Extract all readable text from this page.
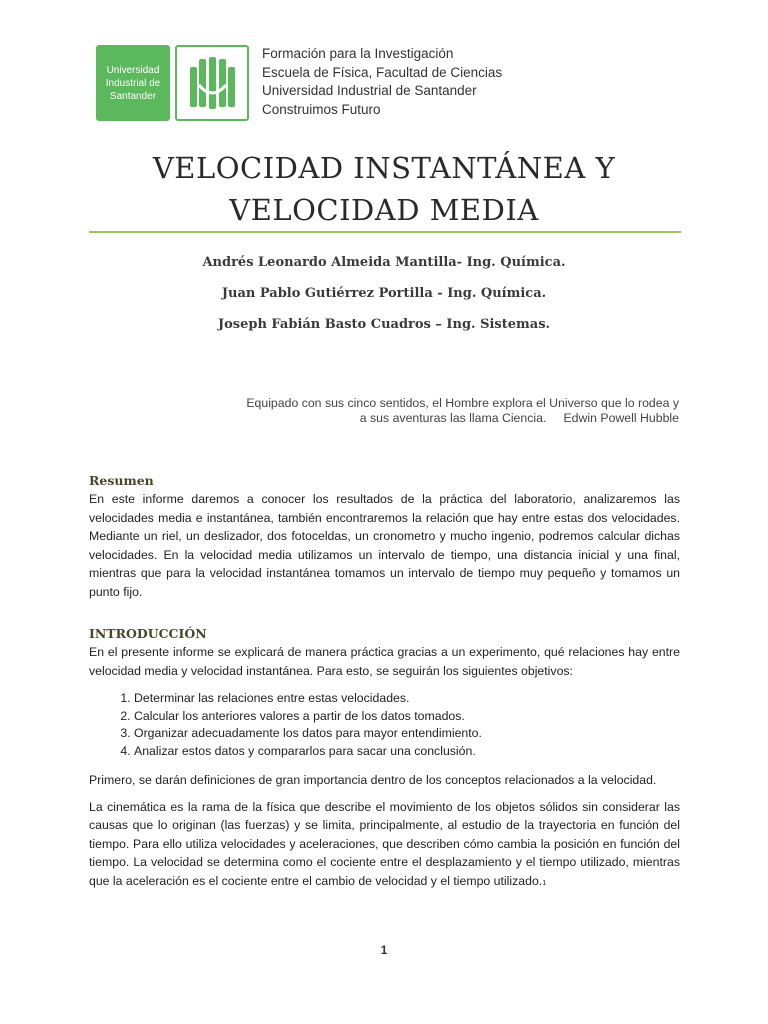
Universidad
Industrial de
Santander
Formación para la Investigación
Escuela de Física, Facultad de Ciencias
Universidad Industrial de Santander
Construimos Futuro
VELOCIDAD INSTANTÁNEA Y
VELOCIDAD MEDIA
Andrés Leonardo Almeida Mantilla- Ing. Química.
Juan Pablo Gutiérrez Portilla - Ing. Química.
Joseph Fabián Basto Cuadros – Ing. Sistemas.
Equipado con sus cinco sentidos, el Hombre explora el Universo que lo rodea y
a sus aventuras las llama Ciencia. Edwin Powell Hubble
Resumen

En este informe daremos a conocer los resultados de la práctica del laboratorio, analizaremos las velocidades media e instantánea, también encontraremos la relación que hay entre estas dos velocidades. Mediante un riel, un deslizador, dos fotoceldas, un cronometro y mucho ingenio, podremos calcular dichas velocidades. En la velocidad media utilizamos un intervalo de tiempo, una distancia inicial y una final, mientras que para la velocidad instantánea tomamos un intervalo de tiempo muy pequeño y tomamos un punto fijo.

INTRODUCCIÓN

En el presente informe se explicará de manera práctica gracias a un experimento, qué relaciones hay entre velocidad media y velocidad instantánea. Para esto, se seguirán los siguientes objetivos:

1. Determinar las relaciones entre estas velocidades.
2. Calcular los anteriores valores a partir de los datos tomados.
3. Organizar adecuadamente los datos para mayor entendimiento.
4. Analizar estos datos y compararlos para sacar una conclusión.

Primero, se darán definiciones de gran importancia dentro de los conceptos relacionados a la velocidad.

La cinemática es la rama de la física que describe el movimiento de los objetos sólidos sin considerar las causas que lo originan (las fuerzas) y se limita, principalmente, al estudio de la trayectoria en función del tiempo. Para ello utiliza velocidades y aceleraciones, que describen cómo cambia la posición en función del tiempo. La velocidad se determina como el cociente entre el desplazamiento y el tiempo utilizado, mientras que la aceleración es el cociente entre el cambio de velocidad y el tiempo utilizado.1

1
